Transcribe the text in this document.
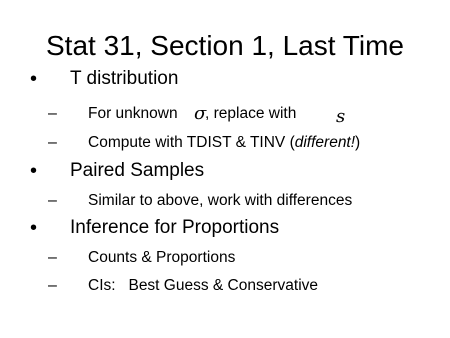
Stat 31, Section 1, Last Time
• T distribution
– For unknown σ
, replace with s
– Compute with TDIST & TINV (different!)
• Paired Samples
– Similar to above, work with differences
• Inference for Proportions
– Counts & Proportions
– CIs:   Best Guess & Conservative
